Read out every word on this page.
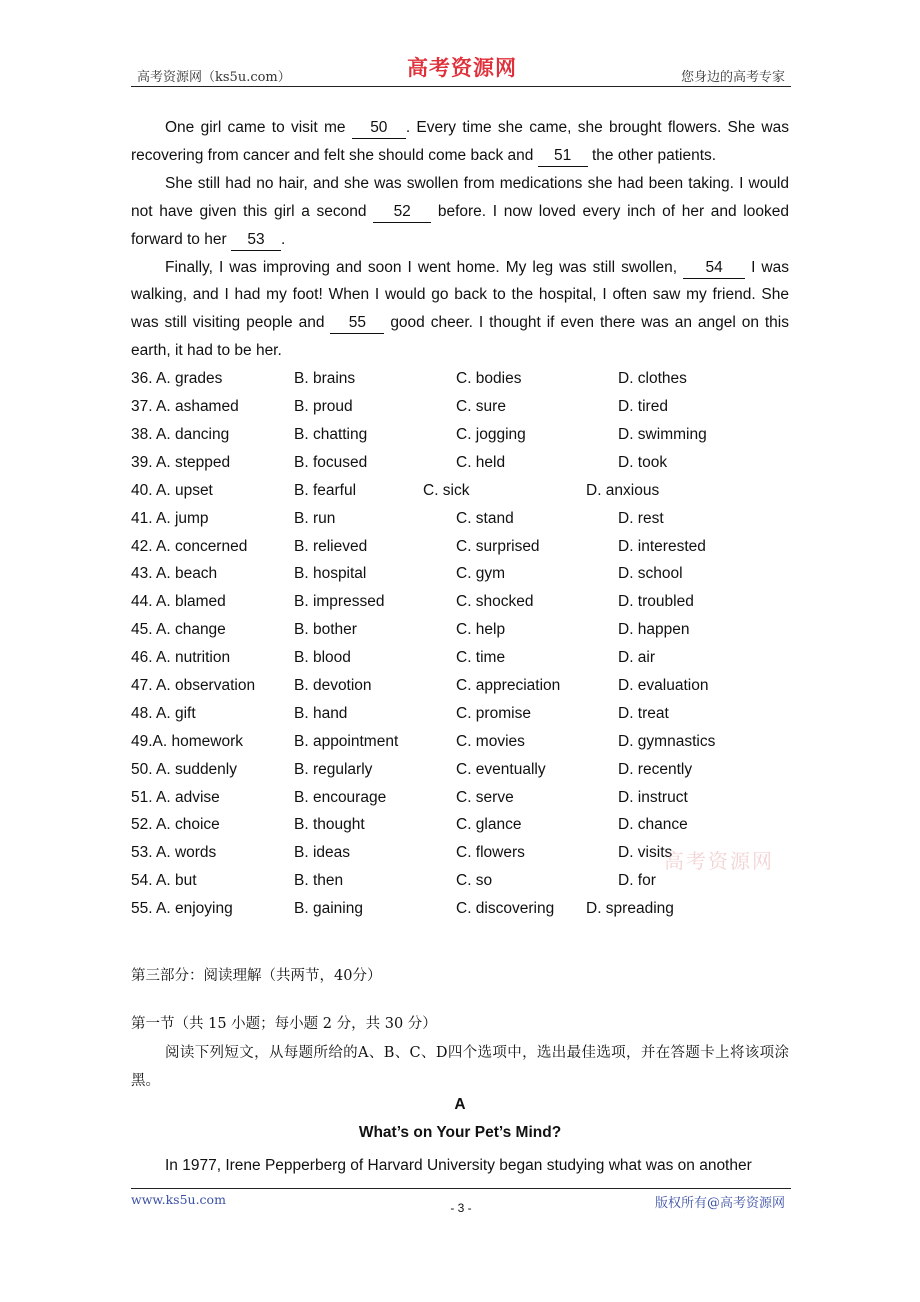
高考资源网（ks5u.com）	高考资源网	您身边的高考专家

One girl came to visit me 50 . Every time she came, she brought flowers. She was recovering from cancer and felt she should come back and 51 the other patients.

She still had no hair, and she was swollen from medications she had been taking. I would not have given this girl a second 52 before. I now loved every inch of her and looked forward to her 53 .

Finally, I was improving and soon I went home. My leg was still swollen, 54 I was walking, and I had my foot! When I would go back to the hospital, I often saw my friend. She was still visiting people and 55 good cheer. I thought if even there was an angel on this earth, it had to be her.

36. A. grades	B. brains	C. bodies	D. clothes
37. A. ashamed	B. proud	C. sure	D. tired
38. A. dancing	B. chatting	C. jogging	D. swimming
39. A. stepped	B. focused	C. held	D. took
40. A. upset	B. fearful	C. sick	D. anxious
41. A. jump	B. run	C. stand	D. rest
42. A. concerned	B. relieved	C. surprised	D. interested
43. A. beach	B. hospital	C. gym	D. school
44. A. blamed	B. impressed	C. shocked	D. troubled
45. A. change	B. bother	C. help	D. happen
46. A. nutrition	B. blood	C. time	D. air
47. A. observation	B. devotion	C. appreciation	D. evaluation
48. A. gift	B. hand	C. promise	D. treat
49.A. homework	B. appointment	C. movies	D. gymnastics
50. A. suddenly	B. regularly	C. eventually	D. recently
51. A. advise	B. encourage	C. serve	D. instruct
52. A. choice	B. thought	C. glance	D. chance
53. A. words	B. ideas	C. flowers	D. visits
54. A. but	B. then	C. so	D. for
55. A. enjoying	B. gaining	C. discovering D. spreading
高考资源网
第三部分：阅读理解（共两节，40分）
第一节（共 15 小题；每小题 2 分，共 30 分）
阅读下列短文，从每题所给的A、B、C、D四个选项中，选出最佳选项，并在答题卡上将该项涂黑。
A
What’s on Your Pet’s Mind?
In 1977, Irene Pepperberg of Harvard University began studying what was on another
www.ks5u.com
- 3 -	版权所有@高考资源网
